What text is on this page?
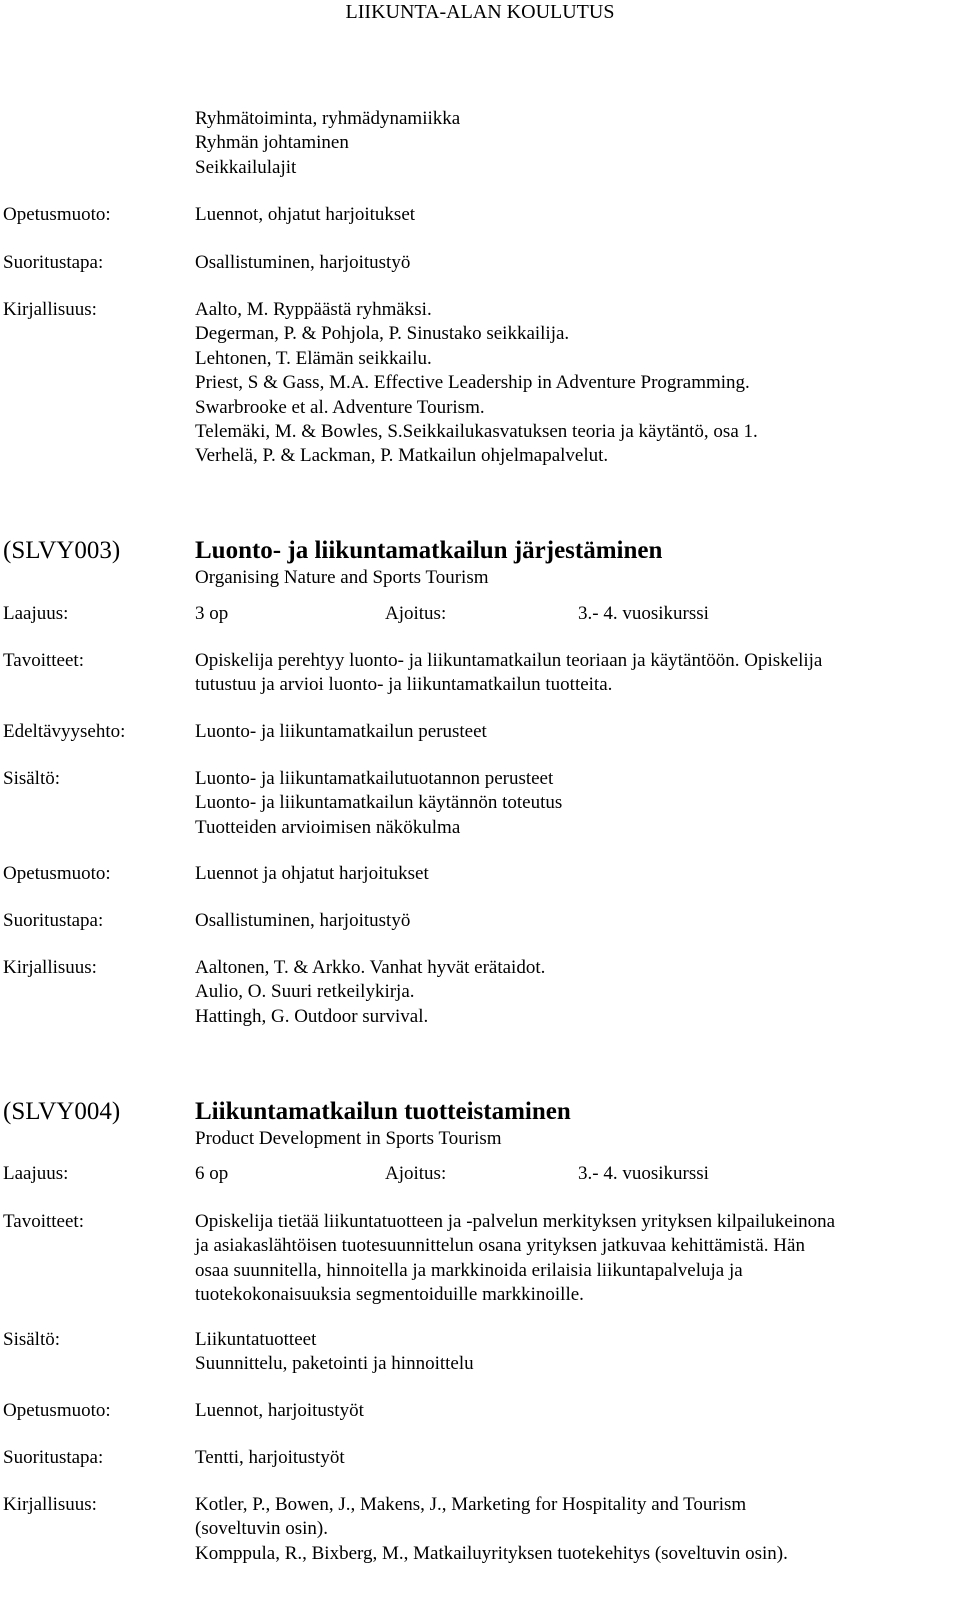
LIIKUNTA-ALAN KOULUTUS
Ryhmätoiminta, ryhmädynamiikka
Ryhmän johtaminen
Seikkailulajit
Opetusmuoto:	Luennot, ohjatut harjoitukset
Suoritustapa:	Osallistuminen, harjoitustyö
Kirjallisuus:	Aalto, M. Ryppäästä ryhmäksi.
Degerman, P. & Pohjola, P. Sinustako seikkailija.
Lehtonen, T. Elämän seikkailu.
Priest, S & Gass, M.A. Effective Leadership in Adventure Programming.
Swarbrooke et al. Adventure Tourism.
Telemäki, M. & Bowles, S.Seikkailukasvatuksen teoria ja käytäntö, osa 1.
Verhelä, P. & Lackman, P. Matkailun ohjelmapalvelut.
(SLVY003)	Luonto- ja liikuntamatkailun järjestäminen
Organising Nature and Sports Tourism
Laajuus:	3 op	Ajoitus:	3.- 4. vuosikurssi
Tavoitteet:	Opiskelija perehtyy luonto- ja liikuntamatkailun teoriaan ja käytäntöön. Opiskelija
tutustuu ja arvioi luonto- ja liikuntamatkailun tuotteita.
Edeltävyysehto:	Luonto- ja liikuntamatkailun perusteet
Sisältö:	Luonto- ja liikuntamatkailutuotannon perusteet
Luonto- ja liikuntamatkailun käytännön toteutus
Tuotteiden arvioimisen näkökulma
Opetusmuoto:	Luennot ja ohjatut harjoitukset
Suoritustapa:	Osallistuminen, harjoitustyö
Kirjallisuus:	Aaltonen, T. & Arkko. Vanhat hyvät erätaidot.
Aulio, O. Suuri retkeilykirja.
Hattingh, G. Outdoor survival.
(SLVY004)	Liikuntamatkailun tuotteistaminen
Product Development in Sports Tourism
Laajuus:	6 op	Ajoitus:	3.- 4. vuosikurssi
Tavoitteet:	Opiskelija tietää liikuntatuotteen ja -palvelun merkityksen yrityksen kilpailukeinona
ja asiakaslähtöisen tuotesuunnittelun osana yrityksen jatkuvaa kehittämistä. Hän
osaa suunnitella, hinnoitella ja markkinoida erilaisia liikuntapalveluja ja
tuotekokonaisuuksia segmentoiduille markkinoille.
Sisältö:	Liikuntatuotteet
Suunnittelu, paketointi ja hinnoittelu
Opetusmuoto:	Luennot, harjoitustyöt
Suoritustapa:	Tentti, harjoitustyöt
Kirjallisuus:	Kotler, P., Bowen, J., Makens, J., Marketing for Hospitality and Tourism
(soveltuvin osin).
Komppula, R., Bixberg, M., Matkailuyrityksen tuotekehitys (soveltuvin osin).
